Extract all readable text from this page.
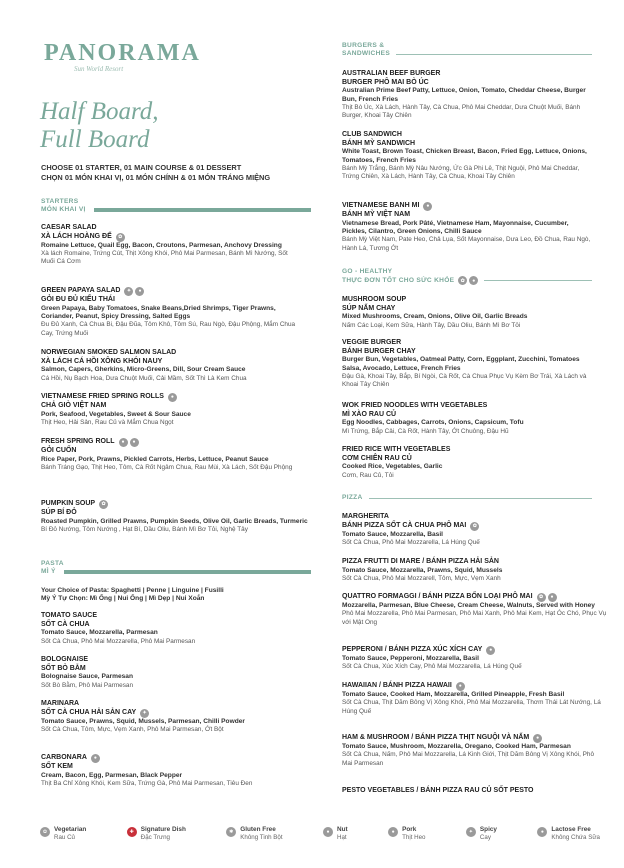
PANORAMA
Sun World Resort
Half Board,
Full Board
CHOOSE 01 STARTER, 01 MAIN COURSE & 01 DESSERT
CHỌN 01 MÓN KHAI VỊ, 01 MÓN CHÍNH & 01 MÓN TRÁNG MIỆNG
STARTERS
MÓN KHAI VỊ
CAESAR SALAD
XÀ LÁCH HOÀNG ĐẾ	✿
Romaine Lettuce, Quail Egg, Bacon, Croutons, Parmesan, Anchovy Dressing
Xà lách Romaine, Trứng Cút, Thịt Xông Khói, Phô Mai Parmesan, Bánh Mì Nướng, Sốt Muối Cá Cơm
GREEN PAPAYA SALAD	✦	●
GỎI ĐU ĐỦ KIỂU THÁI
Green Papaya, Baby Tomatoes, Snake Beans,Dried Shrimps, Tiger Prawns, Coriander, Peanut, Spicy Dressing, Salted Eggs
Đu Đủ Xanh, Cà Chua Bi, Đậu Đũa, Tôm Khô, Tôm Sú, Rau Ngò, Đậu Phộng, Mắm Chua Cay, Trứng Muối
NORWEGIAN SMOKED SALMON SALAD
XÀ LÁCH CÁ HỒI XÔNG KHÓI NAUY
Salmon, Capers, Gherkins, Micro-Greens, Dill, Sour Cream Sauce
Cá Hồi, Nụ Bạch Hoa, Dưa Chuột Muối, Cải Mầm, Sốt Thì Là Kem Chua
VIETNAMESE FRIED SPRING ROLLS	●
CHẢ GIÒ VIỆT NAM
Pork, Seafood, Vegetables, Sweet & Sour Sauce
Thịt Heo, Hải Sản, Rau Củ và Mắm Chua Ngọt
FRESH SPRING ROLL	●	●
GỎI CUỐN
Rice Paper, Pork, Prawns, Pickled Carrots, Herbs, Lettuce, Peanut Sauce
Bánh Tráng Gạo, Thịt Heo, Tôm, Cà Rốt Ngâm Chua, Rau Mùi, Xà Lách, Sốt Đậu Phộng
PUMPKIN SOUP	✿
SÚP BÍ ĐỎ
Roasted Pumpkin, Grilled Prawns, Pumpkin Seeds, Olive Oil, Garlic Breads, Turmeric
Bí Đỏ Nướng, Tôm Nướng , Hạt Bí, Dầu Oliu, Bánh Mì Bơ Tỏi, Nghệ Tây
PASTA
MÌ Ý
Your Choice of Pasta: Spaghetti | Penne | Linguine | Fusilli
Mỳ Ý Tự Chọn: Mì Ống | Nui Ống | Mì Dẹp | Nui Xoắn
TOMATO SAUCE
SỐT CÀ CHUA
Tomato Sauce, Mozzarella, Parmesan
Sốt Cà Chua, Phô Mai Mozzarella, Phô Mai Parmesan
BOLOGNAISE
SỐT BÒ BẰM
Bolognaise Sauce, Parmesan
Sốt Bò Bằm, Phô Mai Parmesan
MARINARA
SỐT CÀ CHUA HẢI SẢN CAY	✦
Tomato Sauce, Prawns, Squid, Mussels, Parmesan, Chilli Powder
Sốt Cà Chua, Tôm, Mực, Vẹm Xanh, Phô Mai Parmesan, Ớt Bột
CARBONARA	●
SỐT KEM
Cream, Bacon, Egg, Parmesan, Black Pepper
Thịt Ba Chỉ Xông Khói, Kem Sữa, Trứng Gà, Phô Mai Parmesan, Tiêu Đen
BURGERS &
SANDWICHES
AUSTRALIAN BEEF BURGER
BURGER PHÔ MAI BÒ ÚC
Australian Prime Beef Patty, Lettuce, Onion, Tomato, Cheddar Cheese, Burger Bun, French Fries
Thịt Bò Úc, Xà Lách, Hành Tây, Cà Chua, Phô Mai Cheddar, Dưa Chuột Muối, Bánh Burger, Khoai Tây Chiên
CLUB SANDWICH
BÁNH MỲ SANDWICH
White Toast, Brown Toast, Chicken Breast, Bacon, Fried Egg, Lettuce, Onions, Tomatoes, French Fries
Bánh Mỳ Trắng, Bánh Mỳ Nâu Nướng, Ức Gà Phi Lê, Thịt Nguội, Phô Mai Cheddar, Trứng Chiên, Xà Lách, Hành Tây, Cà Chua, Khoai Tây Chiên
VIETNAMESE BANH MI	●
BÁNH MỲ VIỆT NAM
Vietnamese Bread, Pork Pâté, Vietnamese Ham, Mayonnaise, Cucumber, Pickles, Cilantro, Green Onions, Chilli Sauce
Bánh Mỳ Việt Nam, Pate Heo, Chả Lụa, Sốt Mayonnaise, Dưa Leo, Đồ Chua, Rau Ngò, Hành Lá, Tương Ớt
GO - HEALTHY
THỰC ĐƠN TỐT CHO SỨC KHỎE	✿	●
MUSHROOM SOUP
SÚP NẤM CHAY
Mixed Mushrooms, Cream, Onions, Olive Oil, Garlic Breads
Nấm Các Loại, Kem Sữa, Hành Tây, Dầu Oliu, Bánh Mì Bơ Tỏi
VEGGIE BURGER
BÁNH BURGER CHAY
Burger Bun, Vegetables, Oatmeal Patty, Corn, Eggplant, Zucchini, Tomatoes Salsa, Avocado, Lettuce, French Fries
Đậu Gà, Khoai Tây, Bắp, Bí Ngòi, Cà Rốt, Cà Chua Phục Vụ Kèm Bơ Trái, Xà Lách và Khoai Tây Chiên
WOK FRIED NOODLES WITH VEGETABLES
MÌ XÀO RAU CỦ
Egg Noodles, Cabbages, Carrots, Onions, Capsicum, Tofu
Mì Trứng, Bắp Cải, Cà Rốt, Hành Tây, Ớt Chuông, Đậu Hũ
FRIED RICE WITH VEGETABLES
CƠM CHIÊN RAU CỦ
Cooked Rice, Vegetables, Garlic
Cơm, Rau Củ, Tỏi
PIZZA
MARGHERITA
BÁNH PIZZA SỐT CÀ CHUA PHÔ MAI	✿
Tomato Sauce, Mozzarella, Basil
Sốt Cà Chua, Phô Mai Mozzarella, Lá Húng Quế
PIZZA FRUTTI DI MARE / BÁNH PIZZA HẢI SẢN
Tomato Sauce, Mozzarella, Prawns, Squid, Mussels
Sốt Cà Chua, Phô Mai Mozzarell, Tôm, Mực, Vẹm Xanh
QUATTRO FORMAGGI / BÁNH PIZZA BỐN LOẠI PHÔ MAI	✿	●
Mozzarella, Parmesan, Blue Cheese, Cream Cheese, Walnuts, Served with Honey
Phô Mai Mozzarella, Phô Mai Parmesan, Phô Mai Xanh, Phô Mai Kem, Hạt Óc Chó, Phục Vụ với Mật Ong
PEPPERONI / BÁNH PIZZA XÚC XÍCH CAY	●
Tomato Sauce, Pepperoni, Mozzarella, Basil
Sốt Cà Chua, Xúc Xích Cay, Phô Mai Mozzarella, Lá Húng Quế
HAWAIIAN / BÁNH PIZZA HAWAII	●
Tomato Sauce, Cooked Ham, Mozzarella, Grilled Pineapple, Fresh Basil
Sốt Cà Chua, Thịt Dăm Bông Vị Xông Khói, Phô Mai Mozzarella, Thơm Thái Lát Nướng, Lá Húng Quế
HAM & MUSHROOM / BÁNH PIZZA THỊT NGUỘI VÀ NẤM	●
Tomato Sauce, Mushroom, Mozzarella, Oregano, Cooked Ham, Parmesan
Sốt Cà Chua, Nấm, Phô Mai Mozzarella, Lá Kinh Giới, Thịt Dăm Bông Vị Xông Khói, Phô Mai Parmesan
PESTO VEGETABLES / BÁNH PIZZA RAU CỦ SỐT PESTO
✿	Vegetarian
Rau Củ
✚	Signature Dish
Đặc Trưng
✱	Gluten Free
Không Tinh Bột
●	Nut
Hạt
●	Pork
Thịt Heo
✦	Spicy
Cay
●	Lactose Free
Không Chứa Sữa
